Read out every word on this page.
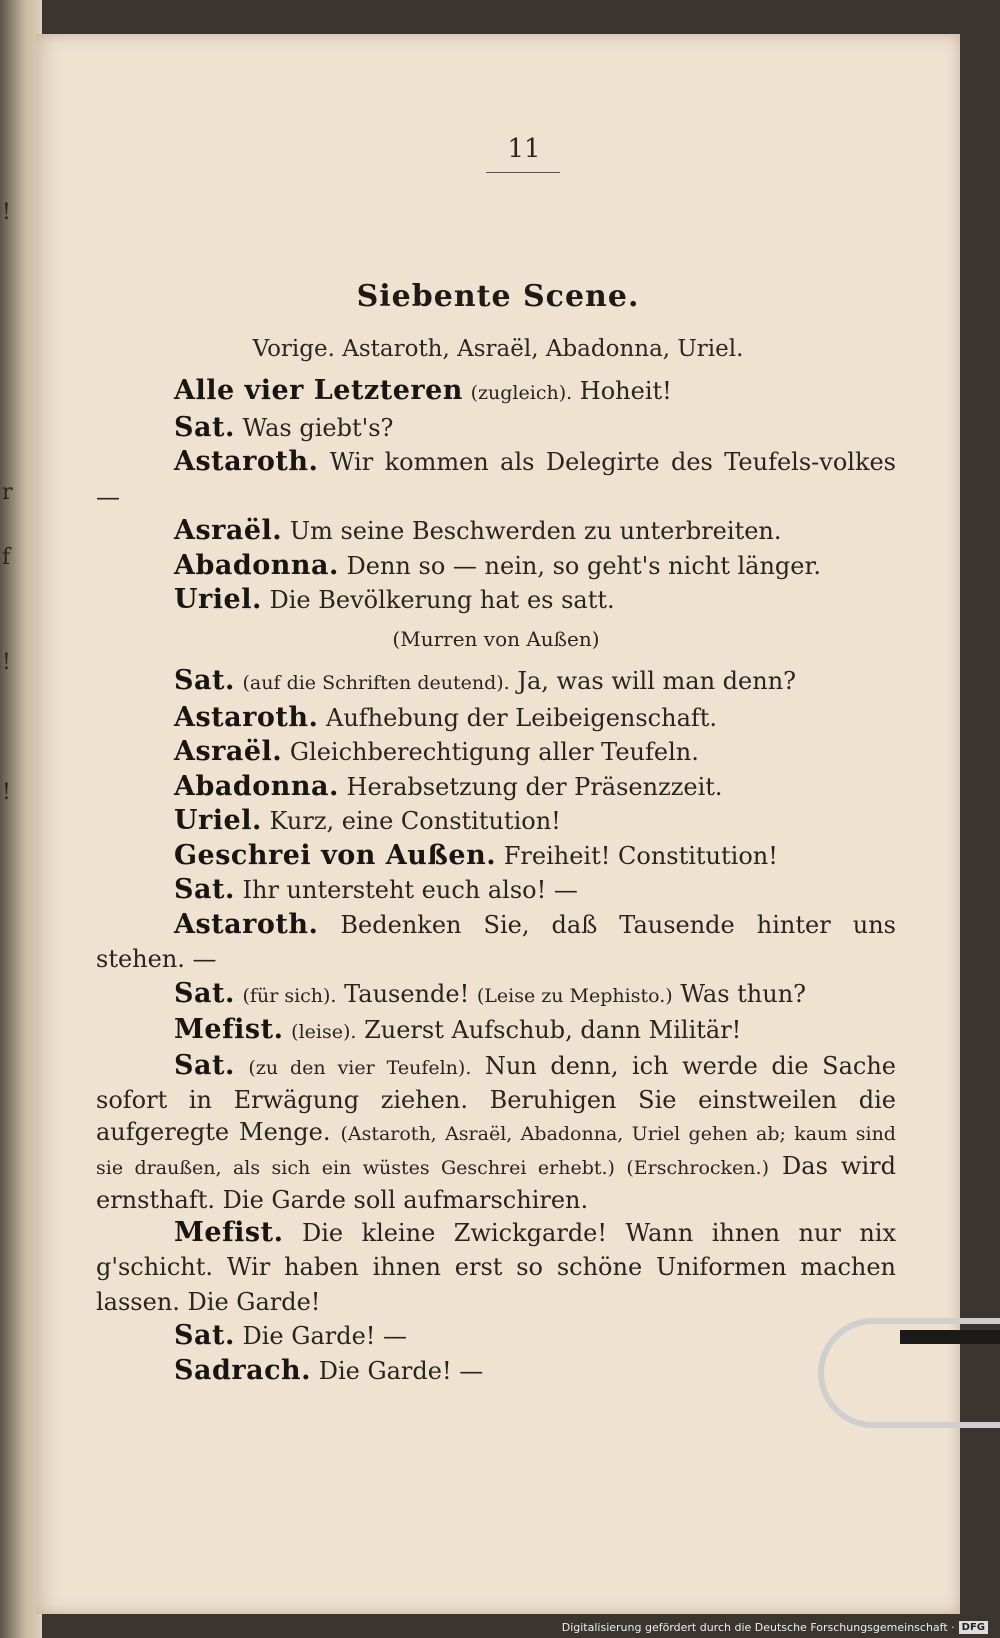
!
r
f
!
!
11
Siebente Scene.
Vorige. Astaroth, Asraël, Abadonna, Uriel.

Alle vier Letzteren (zugleich). Hoheit!

Sat. Was giebt's?

Astaroth. Wir kommen als Delegirte des Teufels-volkes —

Asraël. Um seine Beschwerden zu unterbreiten.

Abadonna. Denn so — nein, so geht's nicht länger.

Uriel. Die Bevölkerung hat es satt.

(Murren von Außen)

Sat. (auf die Schriften deutend). Ja, was will man denn?

Astaroth. Aufhebung der Leibeigenschaft.

Asraël. Gleichberechtigung aller Teufeln.

Abadonna. Herabsetzung der Präsenzzeit.

Uriel. Kurz, eine Constitution!

Geschrei von Außen. Freiheit! Constitution!

Sat. Ihr untersteht euch also! —

Astaroth. Bedenken Sie, daß Tausende hinter uns stehen. —

Sat. (für sich). Tausende! (Leise zu Mephisto.) Was thun?

Mefist. (leise). Zuerst Aufschub, dann Militär!

Sat. (zu den vier Teufeln). Nun denn, ich werde die Sache sofort in Erwägung ziehen. Beruhigen Sie einstweilen die aufgeregte Menge. (Astaroth, Asraël, Abadonna, Uriel gehen ab; kaum sind sie draußen, als sich ein wüstes Geschrei erhebt.) (Erschrocken.) Das wird ernsthaft. Die Garde soll aufmarschiren.

Mefist. Die kleine Zwickgarde! Wann ihnen nur nix g'schicht. Wir haben ihnen erst so schöne Uniformen machen lassen. Die Garde!

Sat. Die Garde! —

Sadrach. Die Garde! —

Digitalisierung gefördert durch die Deutsche Forschungsgemeinschaft · DFG
